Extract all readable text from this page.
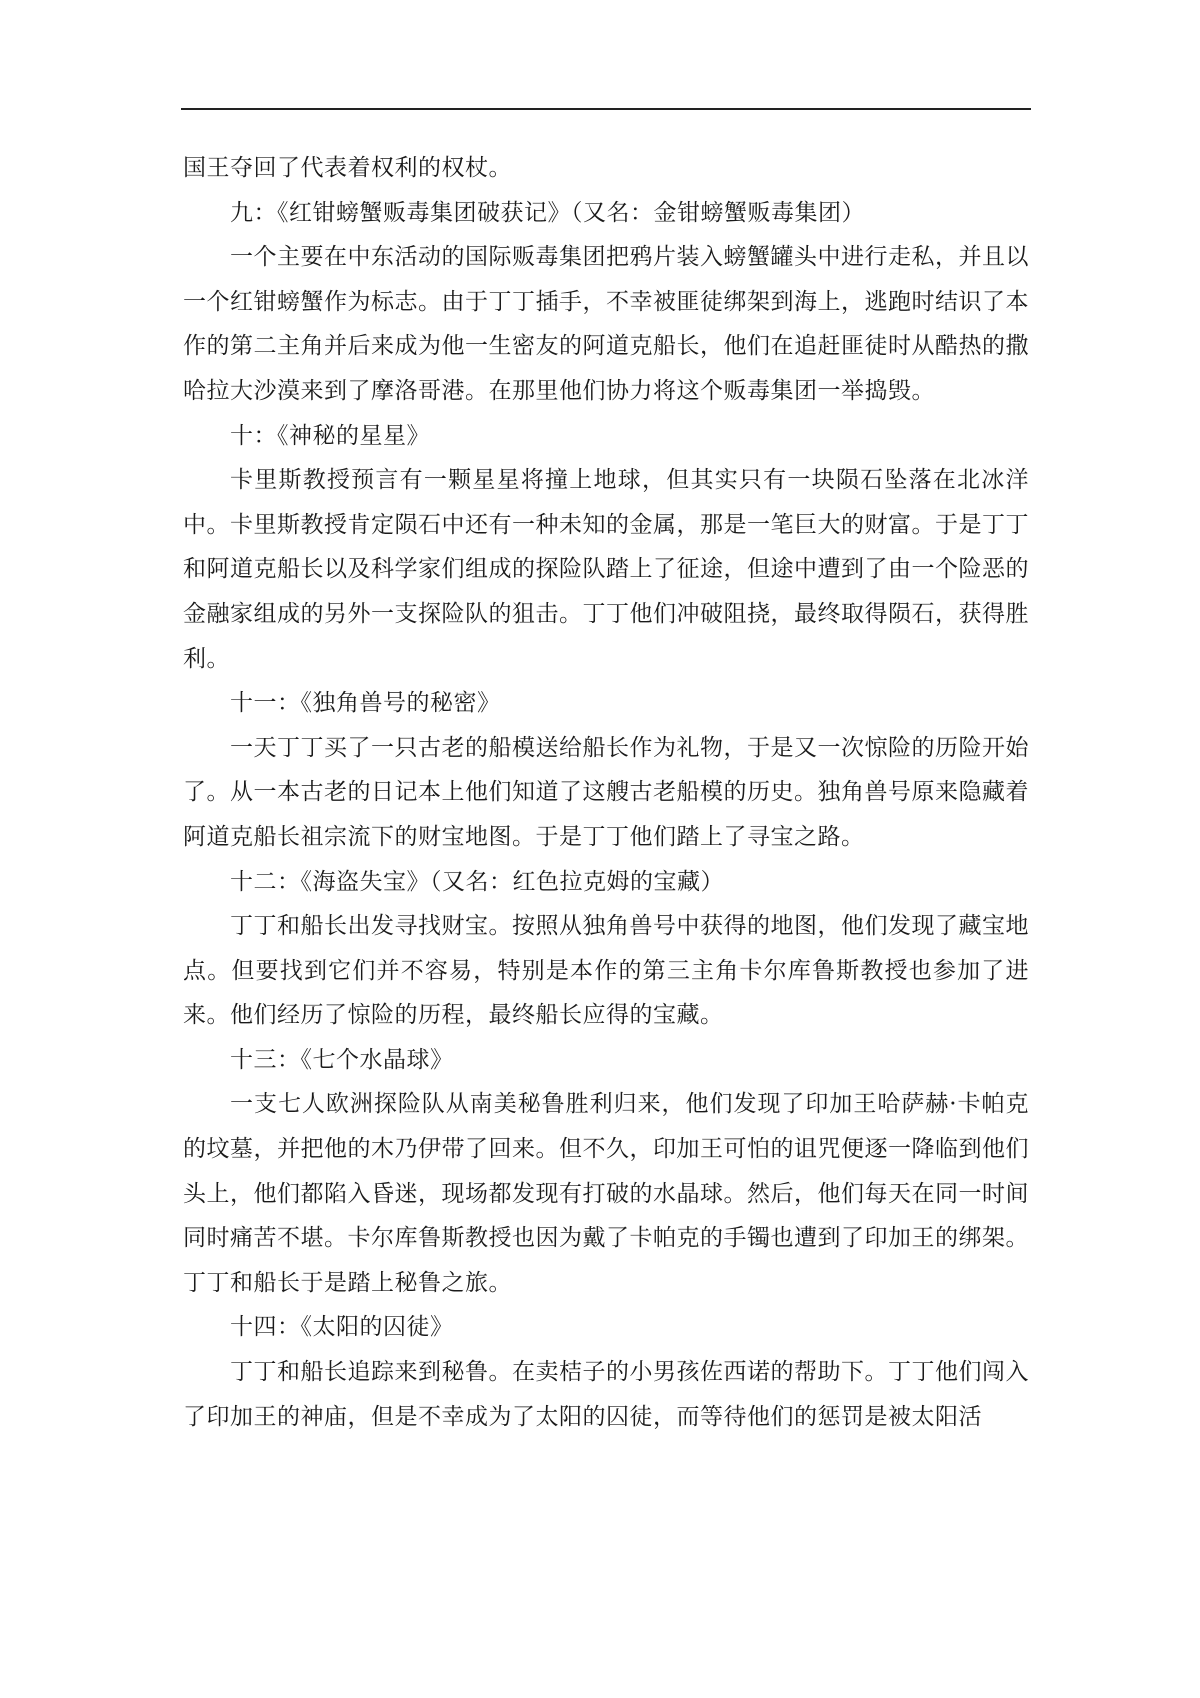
国王夺回了代表着权利的权杖。

九：《红钳螃蟹贩毒集团破获记》（又名：金钳螃蟹贩毒集团）

一个主要在中东活动的国际贩毒集团把鸦片装入螃蟹罐头中进行走私，并且以一个红钳螃蟹作为标志。由于丁丁插手，不幸被匪徒绑架到海上，逃跑时结识了本作的第二主角并后来成为他一生密友的阿道克船长，他们在追赶匪徒时从酷热的撒哈拉大沙漠来到了摩洛哥港。在那里他们协力将这个贩毒集团一举捣毁。

十：《神秘的星星》

卡里斯教授预言有一颗星星将撞上地球，但其实只有一块陨石坠落在北冰洋中。卡里斯教授肯定陨石中还有一种未知的金属，那是一笔巨大的财富。于是丁丁和阿道克船长以及科学家们组成的探险队踏上了征途，但途中遭到了由一个险恶的金融家组成的另外一支探险队的狙击。丁丁他们冲破阻挠，最终取得陨石，获得胜利。

十一：《独角兽号的秘密》

一天丁丁买了一只古老的船模送给船长作为礼物，于是又一次惊险的历险开始了。从一本古老的日记本上他们知道了这艘古老船模的历史。独角兽号原来隐藏着阿道克船长祖宗流下的财宝地图。于是丁丁他们踏上了寻宝之路。

十二：《海盗失宝》（又名：红色拉克姆的宝藏）

丁丁和船长出发寻找财宝。按照从独角兽号中获得的地图，他们发现了藏宝地点。但要找到它们并不容易，特别是本作的第三主角卡尔库鲁斯教授也参加了进来。他们经历了惊险的历程，最终船长应得的宝藏。

十三：《七个水晶球》

一支七人欧洲探险队从南美秘鲁胜利归来，他们发现了印加王哈萨赫·卡帕克的坟墓，并把他的木乃伊带了回来。但不久，印加王可怕的诅咒便逐一降临到他们头上，他们都陷入昏迷，现场都发现有打破的水晶球。然后，他们每天在同一时间同时痛苦不堪。卡尔库鲁斯教授也因为戴了卡帕克的手镯也遭到了印加王的绑架。丁丁和船长于是踏上秘鲁之旅。

十四：《太阳的囚徒》

丁丁和船长追踪来到秘鲁。在卖桔子的小男孩佐西诺的帮助下。丁丁他们闯入了印加王的神庙，但是不幸成为了太阳的囚徒，而等待他们的惩罚是被太阳活
